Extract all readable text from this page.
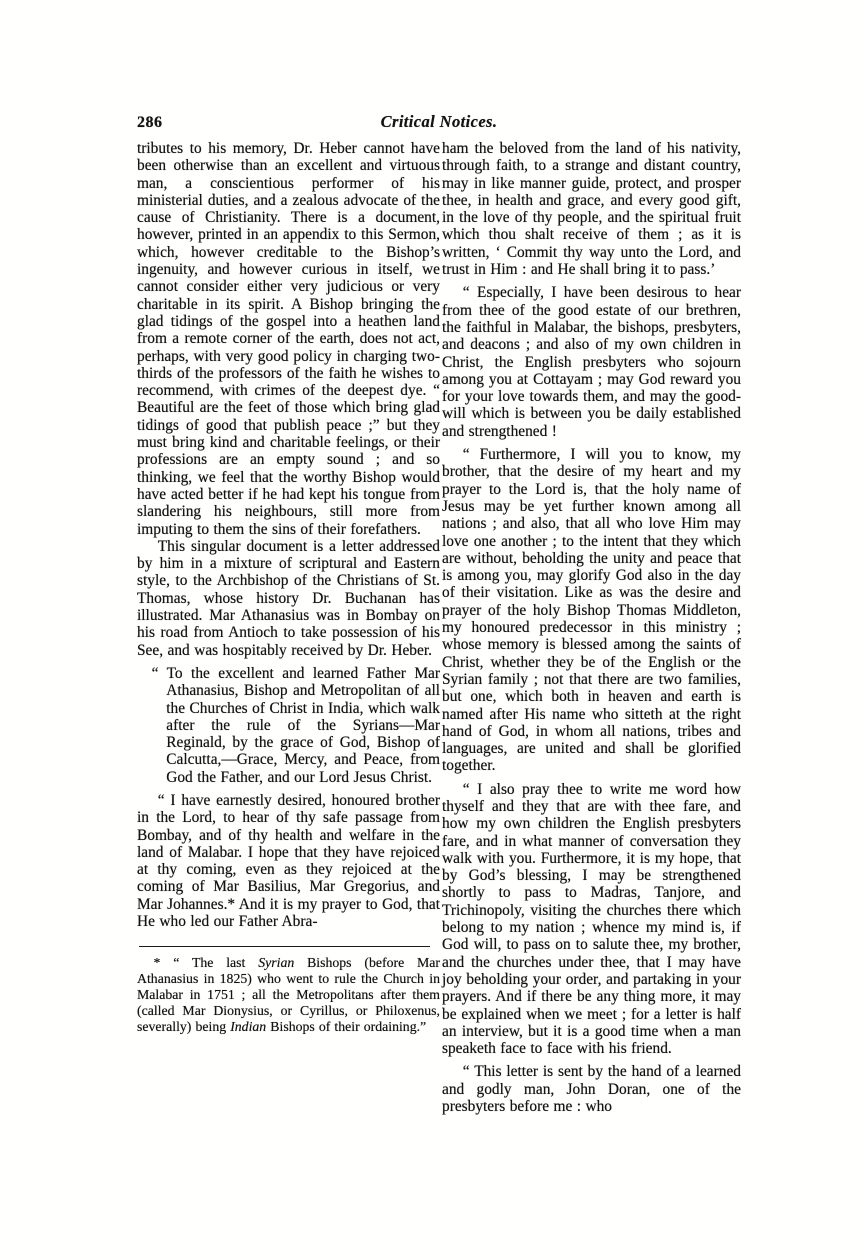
286	Critical Notices.

tributes to his memory, Dr. Heber cannot have been otherwise than an excellent and virtuous man, a conscientious performer of his ministerial duties, and a zealous advocate of the cause of Christianity. There is a document, however, printed in an appendix to this Sermon, which, however creditable to the Bishop’s ingenuity, and however curious in itself, we cannot consider either very judicious or very charitable in its spirit. A Bishop bringing the glad tidings of the gospel into a heathen land from a remote corner of the earth, does not act, perhaps, with very good policy in charging two-thirds of the professors of the faith he wishes to recommend, with crimes of the deepest dye. “ Beautiful are the feet of those which bring glad tidings of good that publish peace ;” but they must bring kind and charitable feelings, or their professions are an empty sound ; and so thinking, we feel that the worthy Bishop would have acted better if he had kept his tongue from slandering his neighbours, still more from imputing to them the sins of their forefathers.

This singular document is a letter addressed by him in a mixture of scriptural and Eastern style, to the Archbishop of the Christians of St. Thomas, whose history Dr. Buchanan has illustrated. Mar Athanasius was in Bombay on his road from Antioch to take possession of his See, and was hospitably received by Dr. Heber.

“ To the excellent and learned Father Mar Athanasius, Bishop and Metropolitan of all the Churches of Christ in India, which walk after the rule of the Syrians—Mar Reginald, by the grace of God, Bishop of Calcutta,—Grace, Mercy, and Peace, from God the Father, and our Lord Jesus Christ.

“ I have earnestly desired, honoured brother in the Lord, to hear of thy safe passage from Bombay, and of thy health and welfare in the land of Malabar. I hope that they have rejoiced at thy coming, even as they rejoiced at the coming of Mar Basilius, Mar Gregorius, and Mar Johannes.* And it is my prayer to God, that He who led our Father Abra-

* “ The last Syrian Bishops (before Mar Athanasius in 1825) who went to rule the Church in Malabar in 1751 ; all the Metropolitans after them (called Mar Dionysius, or Cyrillus, or Philoxenus, severally) being Indian Bishops of their ordaining.”

ham the beloved from the land of his nativity, through faith, to a strange and distant country, may in like manner guide, protect, and prosper thee, in health and grace, and every good gift, in the love of thy people, and the spiritual fruit which thou shalt receive of them ; as it is written, ‘ Commit thy way unto the Lord, and trust in Him : and He shall bring it to pass.’

“ Especially, I have been desirous to hear from thee of the good estate of our brethren, the faithful in Malabar, the bishops, presbyters, and deacons ; and also of my own children in Christ, the English presbyters who sojourn among you at Cottayam ; may God reward you for your love towards them, and may the good-will which is between you be daily established and strengthened !

“ Furthermore, I will you to know, my brother, that the desire of my heart and my prayer to the Lord is, that the holy name of Jesus may be yet further known among all nations ; and also, that all who love Him may love one another ; to the intent that they which are without, beholding the unity and peace that is among you, may glorify God also in the day of their visitation. Like as was the desire and prayer of the holy Bishop Thomas Middleton, my honoured predecessor in this ministry ; whose memory is blessed among the saints of Christ, whether they be of the English or the Syrian family ; not that there are two families, but one, which both in heaven and earth is named after His name who sitteth at the right hand of God, in whom all nations, tribes and languages, are united and shall be glorified together.

“ I also pray thee to write me word how thyself and they that are with thee fare, and how my own children the English presbyters fare, and in what manner of conversation they walk with you. Furthermore, it is my hope, that by God’s blessing, I may be strengthened shortly to pass to Madras, Tanjore, and Trichinopoly, visiting the churches there which belong to my nation ; whence my mind is, if God will, to pass on to salute thee, my brother, and the churches under thee, that I may have joy beholding your order, and partaking in your prayers. And if there be any thing more, it may be explained when we meet ; for a letter is half an interview, but it is a good time when a man speaketh face to face with his friend.

“ This letter is sent by the hand of a learned and godly man, John Doran, one of the presbyters before me : who
